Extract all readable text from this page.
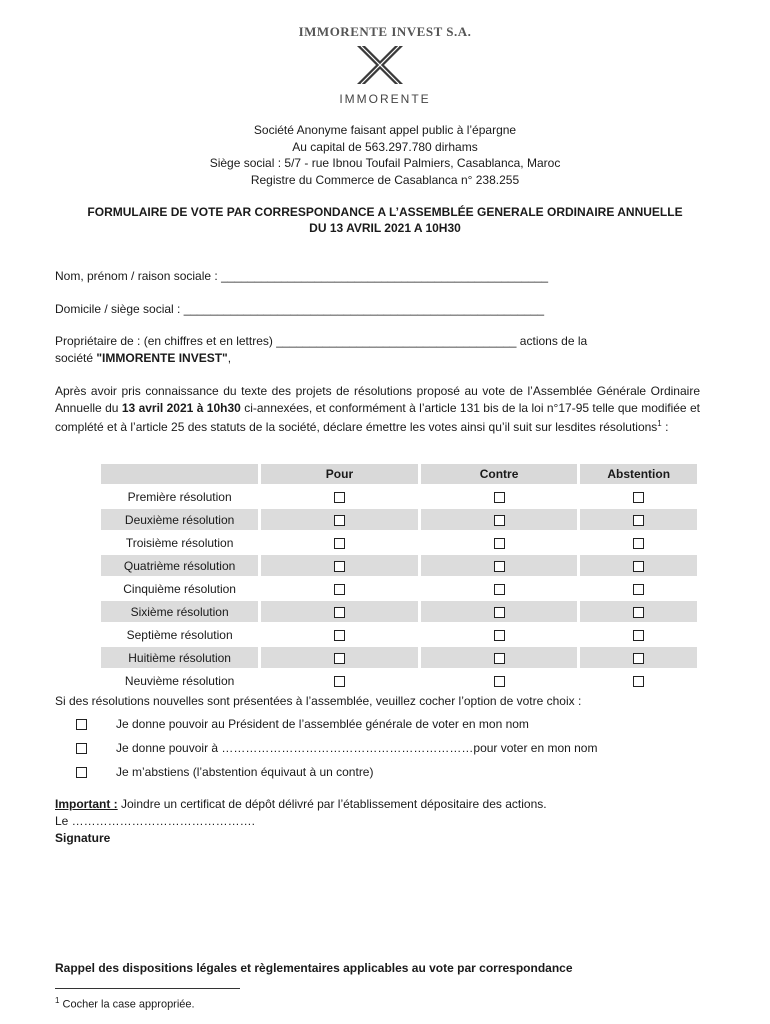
IMMORENTE INVEST S.A.
IMMORENTE
Société Anonyme faisant appel public à l’épargne
Au capital de 563.297.780 dirhams
Siège social : 5/7 - rue Ibnou Toufail Palmiers, Casablanca, Maroc
Registre du Commerce de Casablanca n° 238.255
FORMULAIRE DE VOTE PAR CORRESPONDANCE A L’ASSEMBLÉE GENERALE ORDINAIRE ANNUELLE
DU 13 AVRIL 2021 A 10H30
Nom, prénom / raison sociale : _________________________________________________
Domicile / siège social : ______________________________________________________
Propriétaire de : (en chiffres et en lettres) ____________________________________ actions de la
société "IMMORENTE INVEST",
Après avoir pris connaissance du texte des projets de résolutions proposé au vote de l’Assemblée Générale Ordinaire Annuelle du 13 avril 2021 à 10h30 ci-annexées, et conformément à l’article 131 bis de la loi n°17-95 telle que modifiée et complété et à l’article 25 des statuts de la société, déclare émettre les votes ainsi qu’il suit sur lesdites résolutions$^1$ :
	Pour	Contre	Abstention
Première résolution			
Deuxième résolution			
Troisième résolution			
Quatrième résolution			
Cinquième résolution			
Sixième résolution			
Septième résolution			
Huitième résolution			
Neuvième résolution			
Si des résolutions nouvelles sont présentées à l’assemblée, veuillez cocher l’option de votre choix :
Je donne pouvoir au Président de l’assemblée générale de voter en mon nom
Je donne pouvoir à ………………………………………………………pour voter en mon nom
Je m’abstiens (l’abstention équivaut à un contre)
Important : Joindre un certificat de dépôt délivré par l’établissement dépositaire des actions.
Le ……………………………………….
Signature
Rappel des dispositions légales et règlementaires applicables au vote par correspondance
$^1$ Cocher la case appropriée.
